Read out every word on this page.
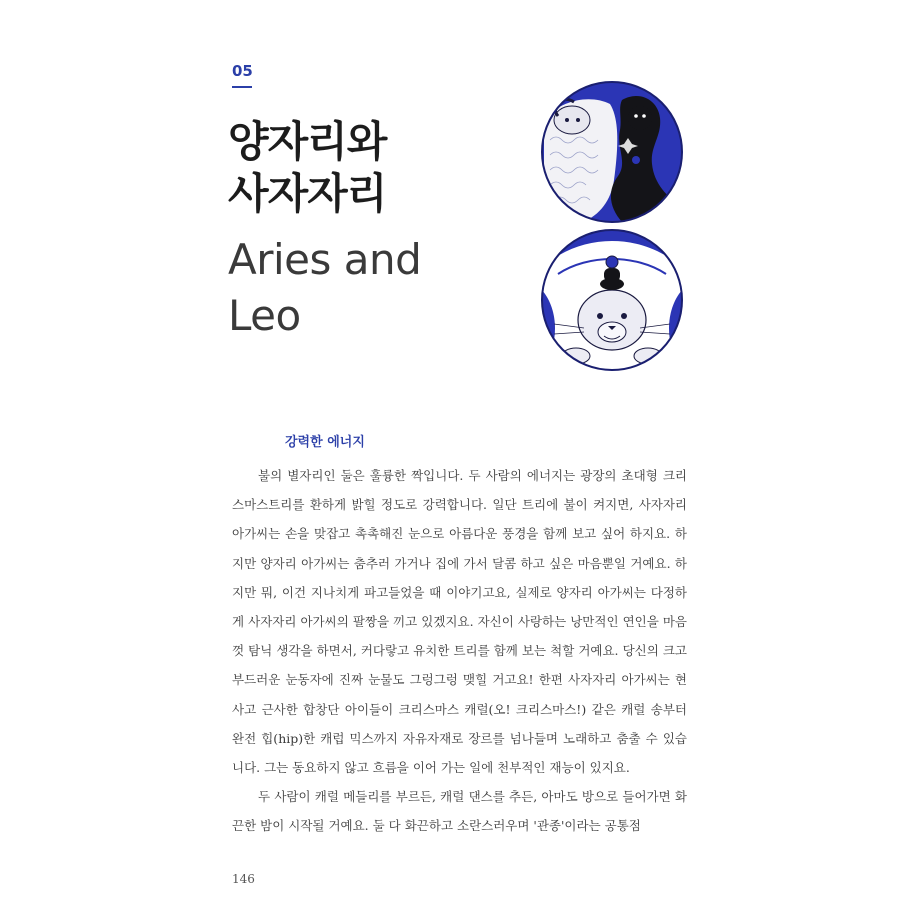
05
양자리와
사자자리
Aries and
Leo
강력한 에너지

불의 별자리인 둘은 훌륭한 짝입니다. 두 사람의 에너지는 광장의 초대형 크리스마스트리를 환하게 밝힐 정도로 강력합니다. 일단 트리에 불이 켜지면, 사자자리 아가씨는 손을 맞잡고 촉촉해진 눈으로 아름다운 풍경을 함께 보고 싶어 하지요. 하지만 양자리 아가씨는 춤추러 가거나 집에 가서 달콤 하고 싶은 마음뿐일 거예요. 하지만 뭐, 이건 지나치게 파고들었을 때 이야기고요, 실제로 양자리 아가씨는 다정하게 사자자리 아가씨의 팔짱을 끼고 있겠지요. 자신이 사랑하는 낭만적인 연인을 마음껏 탐닉 생각을 하면서, 커다랗고 유치한 트리를 함께 보는 척할 거예요. 당신의 크고 부드러운 눈동자에 진짜 눈물도 그렁그렁 맺힐 거고요! 한편 사자자리 아가씨는 현사고 근사한 합창단 아이들이 크리스마스 캐럴(오! 크리스마스!) 같은 캐럴 송부터 완전 힙(hip)한 캐럽 믹스까지 자유자재로 장르를 넘나들며 노래하고 춤출 수 있습니다. 그는 동요하지 않고 흐름을 이어 가는 일에 천부적인 재능이 있지요.

두 사람이 캐럴 메들리를 부르든, 캐럴 댄스를 추든, 아마도 방으로 들어가면 화끈한 밤이 시작될 거예요. 둘 다 화끈하고 소란스러우며 '관종'이라는 공통점

146
